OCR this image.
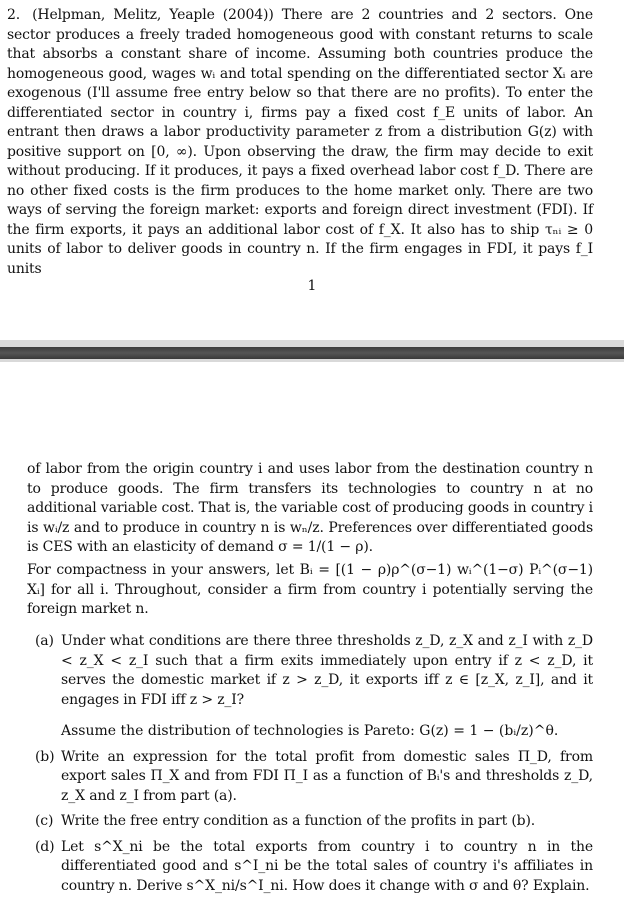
2. (Helpman, Melitz, Yeaple (2004)) There are 2 countries and 2 sectors. One sector produces a freely traded homogeneous good with constant returns to scale that absorbs a constant share of income. Assuming both countries produce the homogeneous good, wages wᵢ and total spending on the differentiated sector Xᵢ are exogenous (I'll assume free entry below so that there are no profits). To enter the differentiated sector in country i, firms pay a fixed cost f_E units of labor. An entrant then draws a labor productivity parameter z from a distribution G(z) with positive support on [0, ∞). Upon observing the draw, the firm may decide to exit without producing. If it produces, it pays a fixed overhead labor cost f_D. There are no other fixed costs is the firm produces to the home market only. There are two ways of serving the foreign market: exports and foreign direct investment (FDI). If the firm exports, it pays an additional labor cost of f_X. It also has to ship τₙᵢ ≥ 0 units of labor to deliver goods in country n. If the firm engages in FDI, it pays f_I units

1

of labor from the origin country i and uses labor from the destination country n to produce goods. The firm transfers its technologies to country n at no additional variable cost. That is, the variable cost of producing goods in country i is wᵢ/z and to produce in country n is wₙ/z. Preferences over differentiated goods is CES with an elasticity of demand σ = 1/(1 − ρ).

For compactness in your answers, let Bᵢ = [(1 − ρ)ρ^(σ−1) wᵢ^(1−σ) Pᵢ^(σ−1) Xᵢ] for all i. Throughout, consider a firm from country i potentially serving the foreign market n.

(a) Under what conditions are there three thresholds z_D, z_X and z_I with z_D < z_X < z_I such that a firm exits immediately upon entry if z < z_D, it serves the domestic market if z > z_D, it exports iff z ∈ [z_X, z_I], and it engages in FDI iff z > z_I?
Assume the distribution of technologies is Pareto: G(z) = 1 − (bᵢ/z)^θ.
(b) Write an expression for the total profit from domestic sales Π_D, from export sales Π_X and from FDI Π_I as a function of Bᵢ's and thresholds z_D, z_X and z_I from part (a).
(c) Write the free entry condition as a function of the profits in part (b).
(d) Let s^X_ni be the total exports from country i to country n in the differentiated good and s^I_ni be the total sales of country i's affiliates in country n. Derive s^X_ni/s^I_ni. How does it change with σ and θ? Explain.
